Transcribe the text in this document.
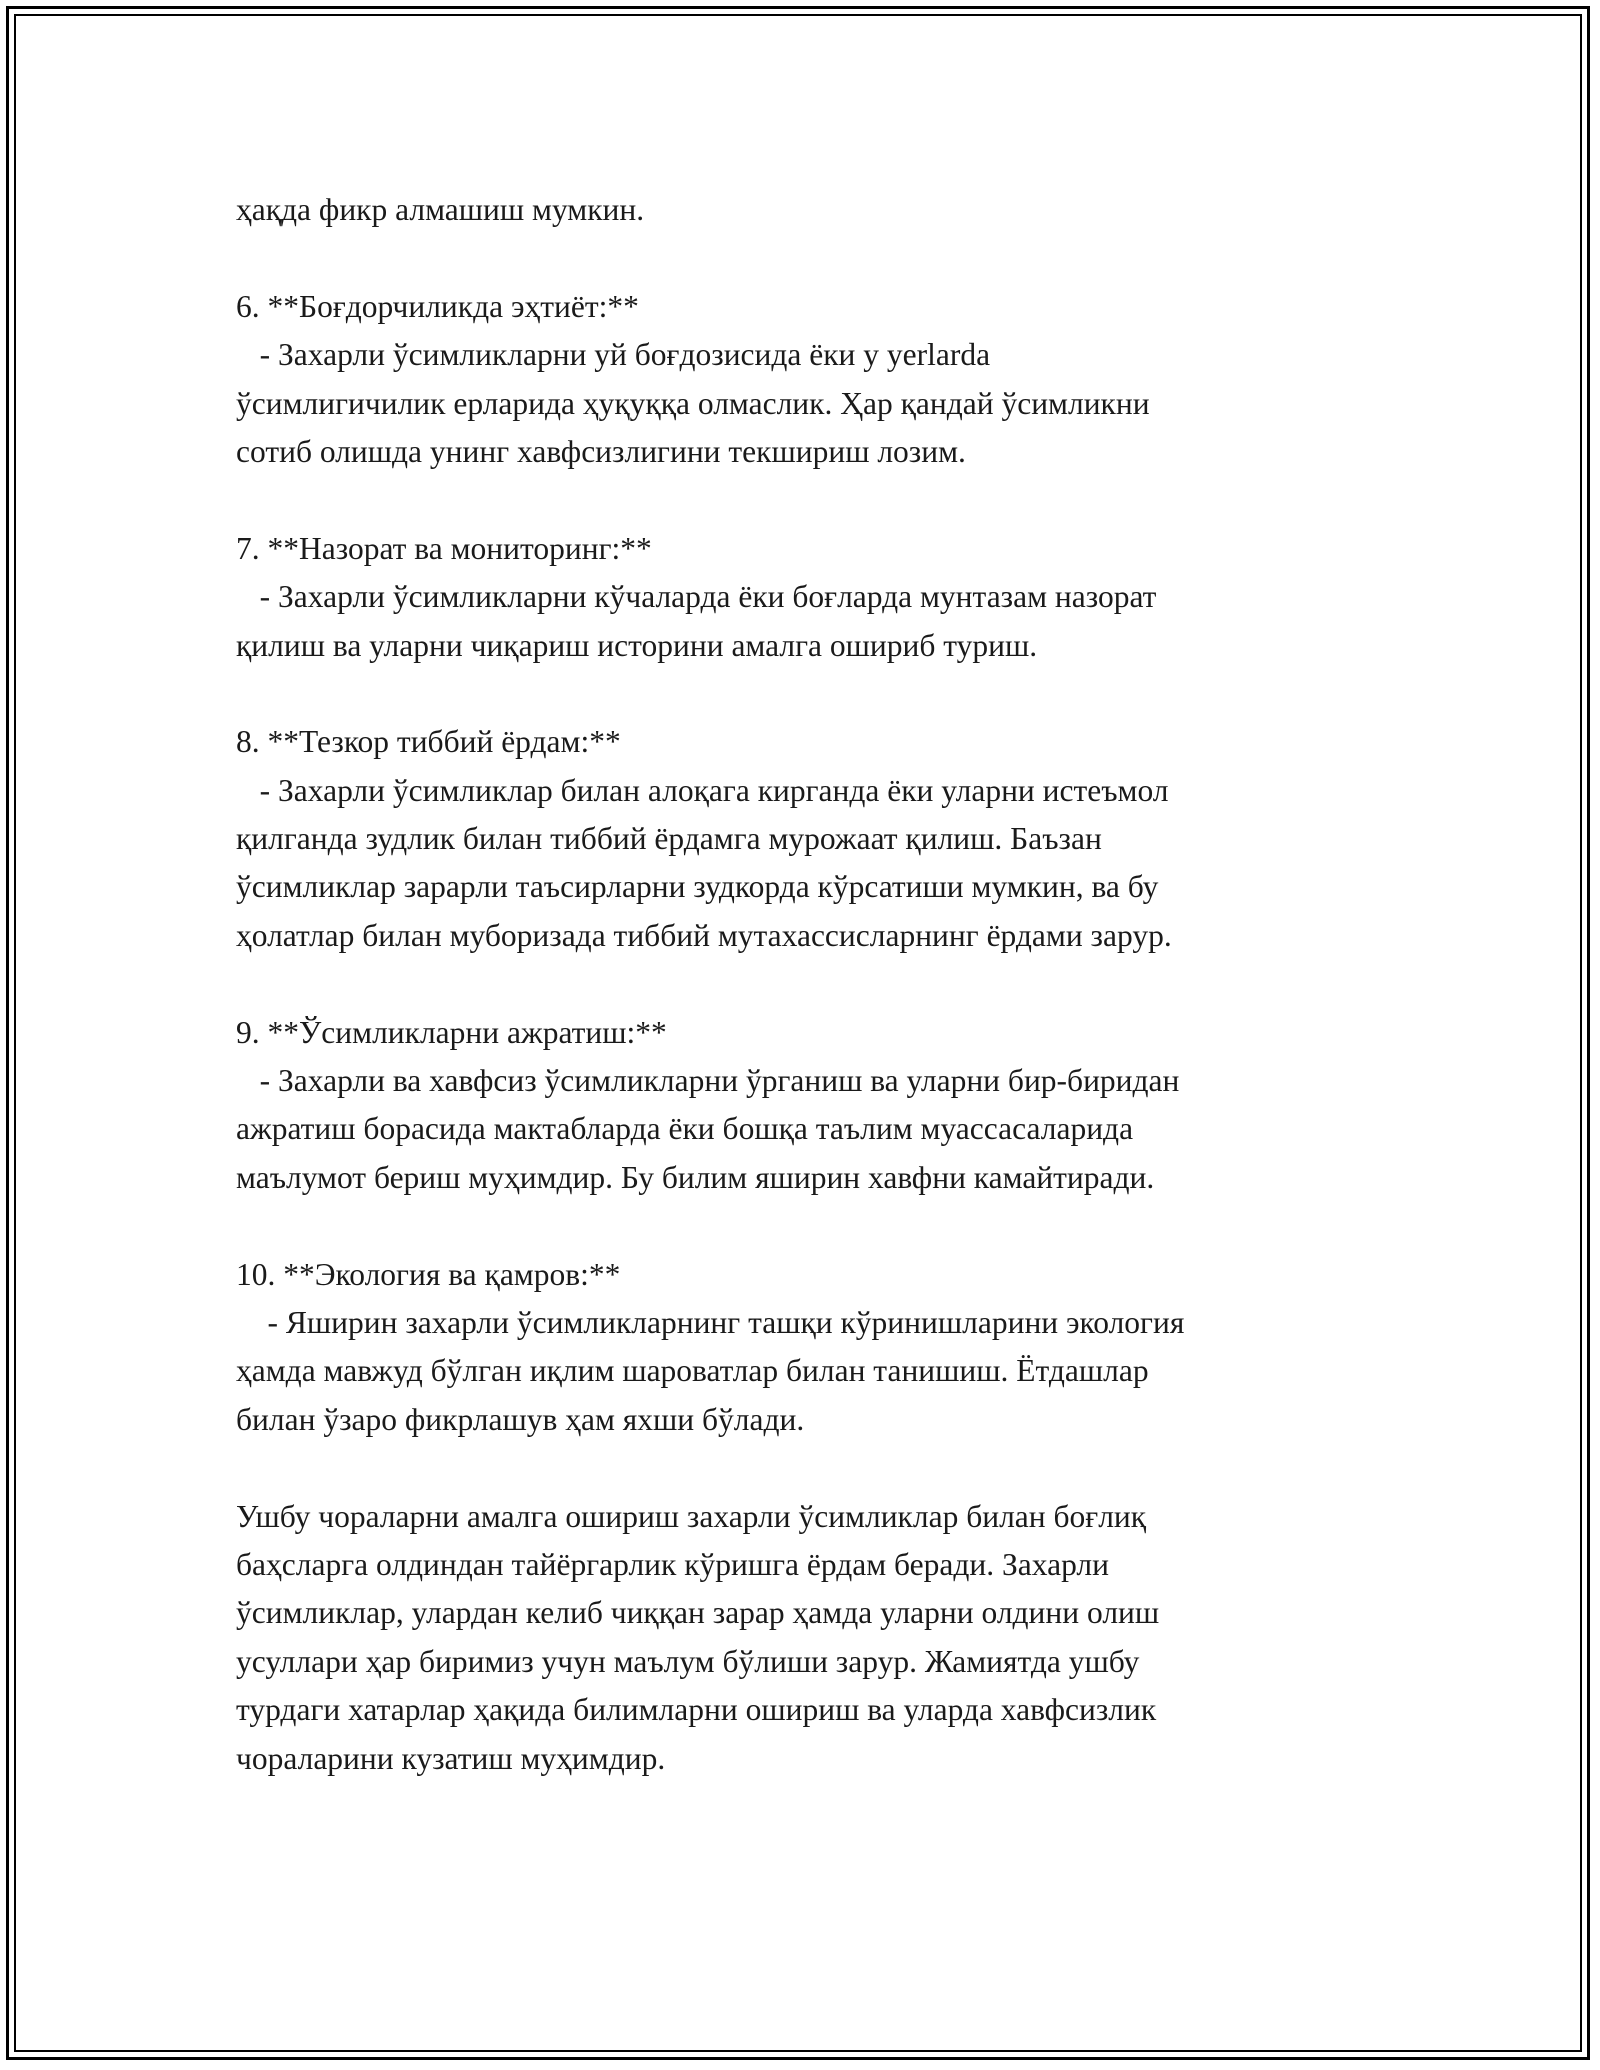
ҳақда фикр алмашиш мумкин.
6. **Боғдорчиликда эҳтиёт:**
- Захарли ўсимликларни уй боғдозисида ёки у yerlarda
ўсимлигичилик ерларида ҳуқуққа олмаслик. Ҳар қандай ўсимликни
сотиб олишда унинг хавфсизлигини текшириш лозим.
7. **Назорат ва мониторинг:**
- Захарли ўсимликларни кўчаларда ёки боғларда мунтазам назорат
қилиш ва уларни чиқариш историни амалга ошириб туриш.
8. **Тезкор тиббий ёрдам:**
- Захарли ўсимликлар билан алоқага кирганда ёки уларни истеъмол
қилганда зудлик билан тиббий ёрдамга мурожаат қилиш. Баъзан
ўсимликлар зарарли таъсирларни зудкорда кўрсатиши мумкин, ва бу
ҳолатлар билан муборизада тиббий мутахассисларнинг ёрдами зарур.
9. **Ўсимликларни ажратиш:**
- Захарли ва хавфсиз ўсимликларни ўрганиш ва уларни бир-биридан
ажратиш борасида мактабларда ёки бошқа таълим муассасаларида
маълумот бериш муҳимдир. Бу билим яширин хавфни камайтиради.
10. **Экология ва қамров:**
- Яширин захарли ўсимликларнинг ташқи кўринишларини экология
ҳамда мавжуд бўлган иқлим шароватлар билан танишиш. Ётдашлар
билан ўзаро фикрлашув ҳам яхши бўлади.
Ушбу чораларни амалга ошириш захарли ўсимликлар билан боғлиқ
баҳсларга олдиндан тайёргарлик кўришга ёрдам беради. Захарли
ўсимликлар, улардан келиб чиққан зарар ҳамда уларни олдини олиш
усуллари ҳар биримиз учун маълум бўлиши зарур. Жамиятда ушбу
турдаги хатарлар ҳақида билимларни ошириш ва уларда хавфсизлик
чораларини кузатиш муҳимдир.
